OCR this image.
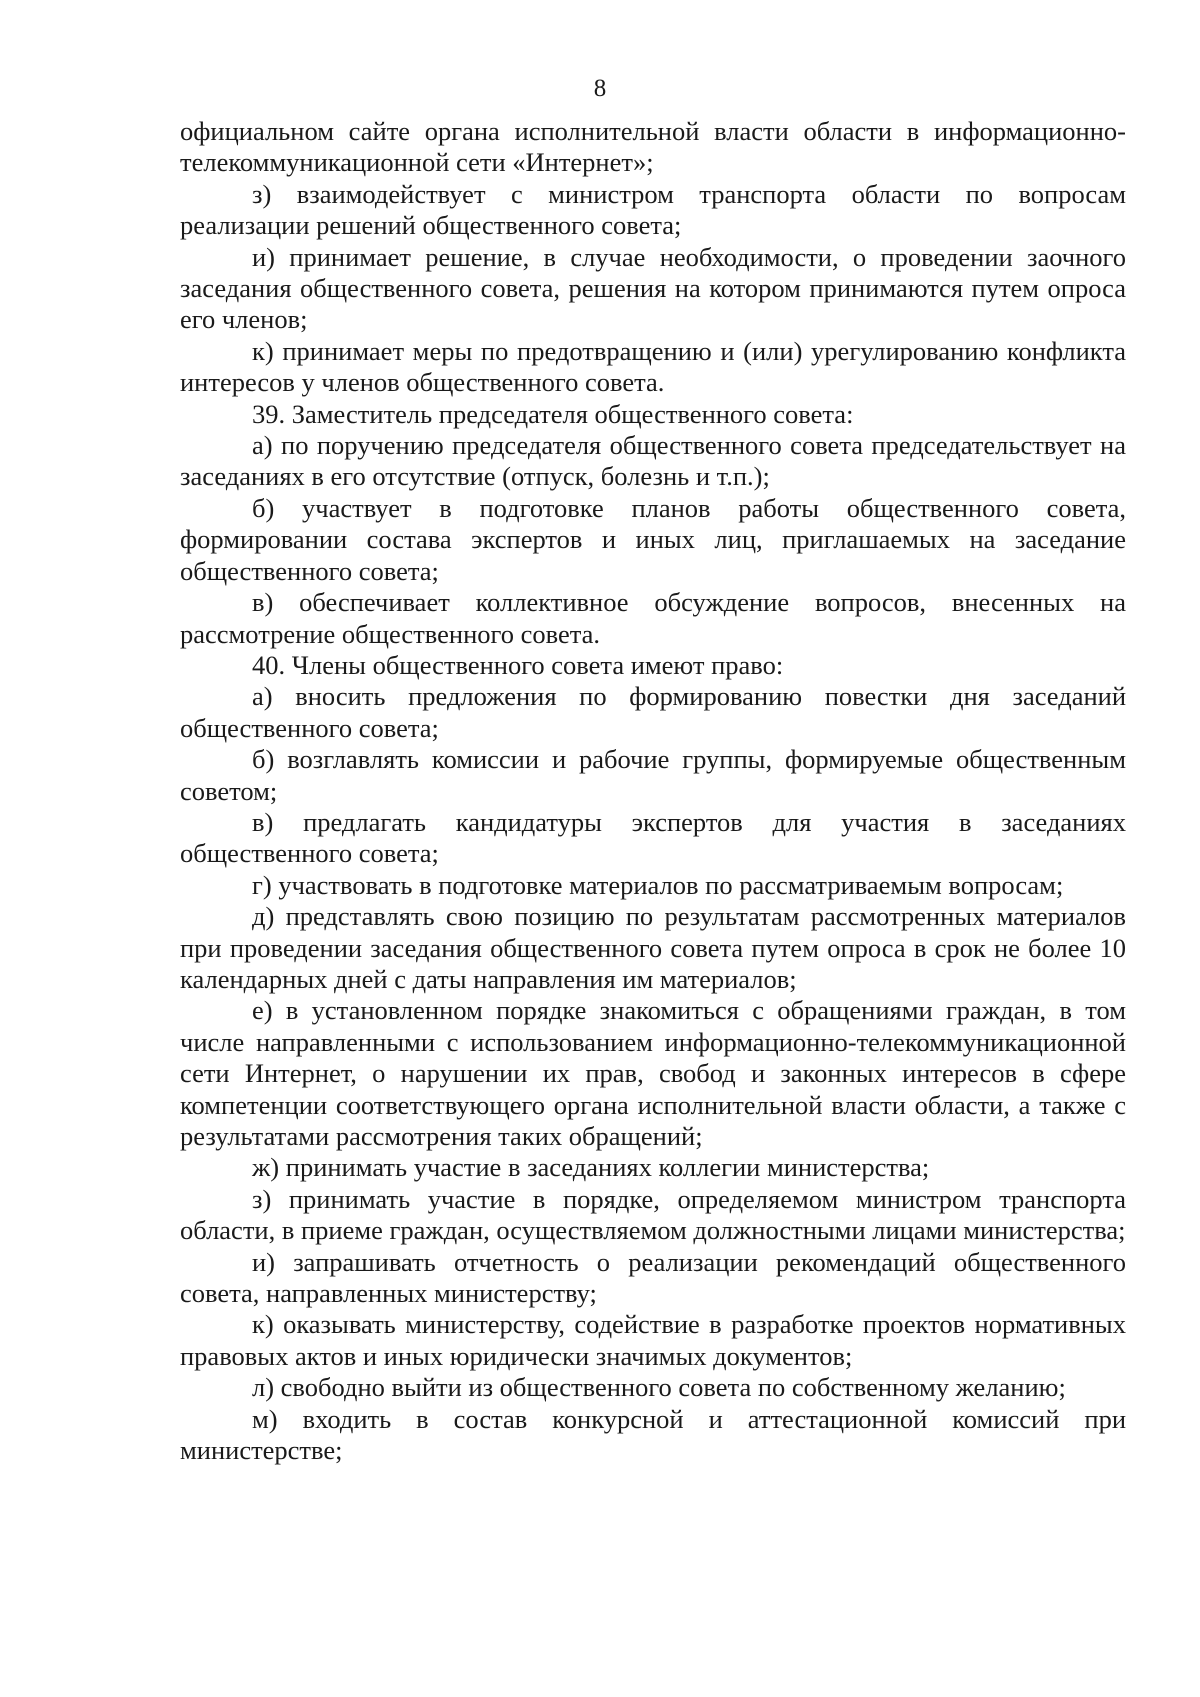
8

официальном сайте органа исполнительной власти области в информационно-телекоммуникационной сети «Интернет»;

з) взаимодействует с министром транспорта области по вопросам реализации решений общественного совета;

и) принимает решение, в случае необходимости, о проведении заочного заседания общественного совета, решения на котором принимаются путем опроса его членов;

к) принимает меры по предотвращению и (или) урегулированию конфликта интересов у членов общественного совета.

39. Заместитель председателя общественного совета:

а) по поручению председателя общественного совета председательствует на заседаниях в его отсутствие (отпуск, болезнь и т.п.);

б) участвует в подготовке планов работы общественного совета, формировании состава экспертов и иных лиц, приглашаемых на заседание общественного совета;

в) обеспечивает коллективное обсуждение вопросов, внесенных на рассмотрение общественного совета.

40. Члены общественного совета имеют право:

а) вносить предложения по формированию повестки дня заседаний общественного совета;

б) возглавлять комиссии и рабочие группы, формируемые общественным советом;

в) предлагать кандидатуры экспертов для участия в заседаниях общественного совета;

г) участвовать в подготовке материалов по рассматриваемым вопросам;

д) представлять свою позицию по результатам рассмотренных материалов при проведении заседания общественного совета путем опроса в срок не более 10 календарных дней с даты направления им материалов;

е) в установленном порядке знакомиться с обращениями граждан, в том числе направленными с использованием информационно-телекоммуникационной сети Интернет, о нарушении их прав, свобод и законных интересов в сфере компетенции соответствующего органа исполнительной власти области, а также с результатами рассмотрения таких обращений;

ж) принимать участие в заседаниях коллегии министерства;

з) принимать участие в порядке, определяемом министром транспорта области, в приеме граждан, осуществляемом должностными лицами министерства;

и) запрашивать отчетность о реализации рекомендаций общественного совета, направленных министерству;

к) оказывать министерству, содействие в разработке проектов нормативных правовых актов и иных юридически значимых документов;

л) свободно выйти из общественного совета по собственному желанию;

м) входить в состав конкурсной и аттестационной комиссий при министерстве;
